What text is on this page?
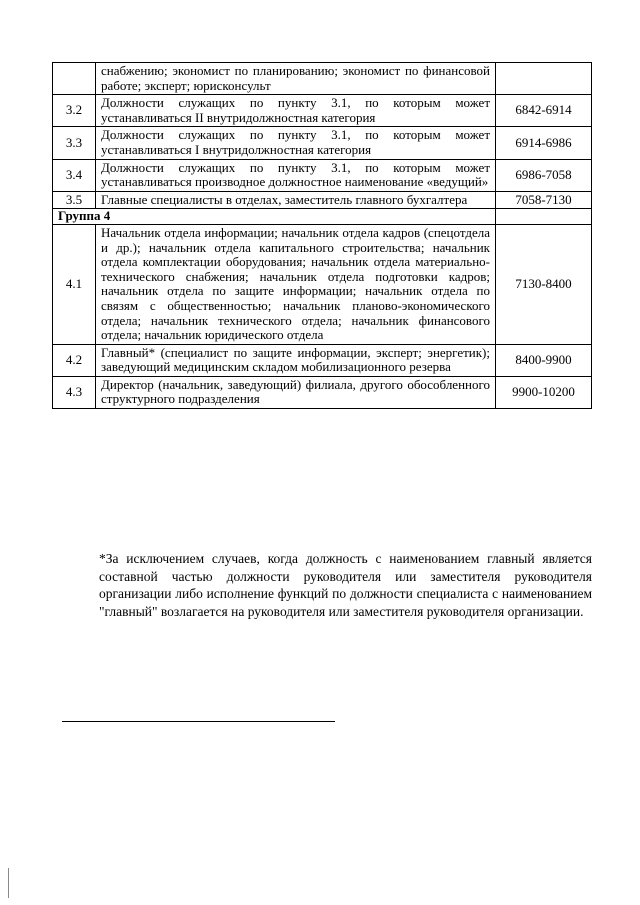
	снабжению; экономист по планированию; экономист по финансовой работе; эксперт; юрисконсульт	
3.2	Должности служащих по пункту 3.1, по которым может устанавливаться II внутридолжностная категория	6842-6914
3.3	Должности служащих по пункту 3.1, по которым может устанавливаться I внутридолжностная категория	6914-6986
3.4	Должности служащих по пункту 3.1, по которым может устанавливаться производное должностное наименование «ведущий»	6986-7058
3.5	Главные специалисты в отделах, заместитель главного бухгалтера	7058-7130
Группа 4		
4.1	Начальник отдела информации; начальник отдела кадров (спецотдела и др.); начальник отдела капитального строительства; начальник отдела комплектации оборудования; начальник отдела материально-технического снабжения; начальник отдела подготовки кадров; начальник отдела по защите информации; начальник отдела по связям с общественностью; начальник планово-экономического отдела; начальник технического отдела; начальник финансового отдела; начальник юридического отдела	7130-8400
4.2	Главный* (специалист по защите информации, эксперт; энергетик); заведующий медицинским складом мобилизационного резерва	8400-9900
4.3	Директор (начальник, заведующий) филиала, другого обособленного структурного подразделения	9900-10200
*За исключением случаев, когда должность с наименованием главный является составной частью должности руководителя или заместителя руководителя организации либо исполнение функций по должности специалиста с наименованием "главный" возлагается на руководителя или заместителя руководителя организации.
